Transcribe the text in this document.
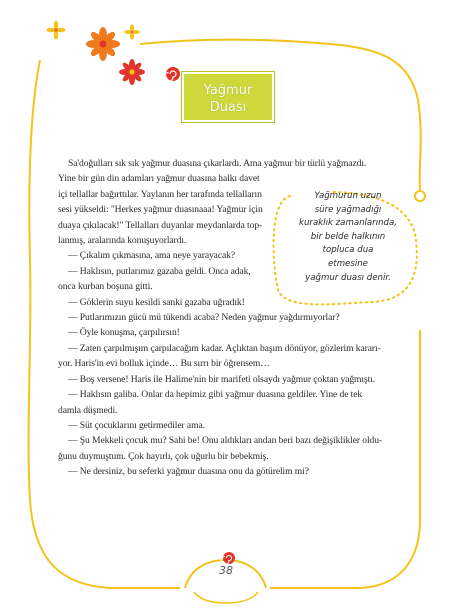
Yağmur
Duası
Yağmurun uzun
süre yağmadığı
kuraklık zamanlarında,
bir belde halkının
topluca dua
etmesine
yağmur duası denir.

Sa'doğulları sık sık yağmur duasına çıkarlardı. Ama yağmur bir türlü yağmazdı.

Yine bir gün din adamları yağmur duasına halkı davet

içi tellallar bağırttılar. Yaylanın her tarafında tellalların

sesi yükseldi: "Herkes yağmur duasınaaa! Yağmur için

duaya çıkılacak!" Tellalları duyanlar meydanlarda top-

lanmış, aralarında konuşuyorlardı.

— Çıkalım çıkmasına, ama neye yarayacak?

— Haklısın, putlarımız gazaba geldi. Onca adak,

onca kurban boşuna gitti.

— Göklerin suyu kesildi sanki gazaba uğradık!

— Putlarımızın gücü mü tükendi acaba? Neden yağmur yağdırmıyorlar?

— Öyle konuşma, çarpılırsın!

— Zaten çarpılmışım çarpılacağım kadar. Açlıktan başım dönüyor, gözlerim kararı-

yor. Haris'in evi bolluk içinde… Bu sırrı bir öğrensem…

— Boş versene! Haris ile Halime'nin bir marifeti olsaydı yağmur çoktan yağmıştı.

— Haklısın galiba. Onlar da hepimiz gibi yağmur duasına geldiler. Yine de tek

damla düşmedi.

— Süt çocuklarını getirmediler ama.

— Şu Mekkeli çocuk mu? Sahi be! Onu aldıkları andan beri bazı değişiklikler oldu-

ğunu duymuştum. Çok hayırlı, çok uğurlu bir bebekmiş.

— Ne dersiniz, bu seferki yağmur duasına onu da götürelim mi?

38
